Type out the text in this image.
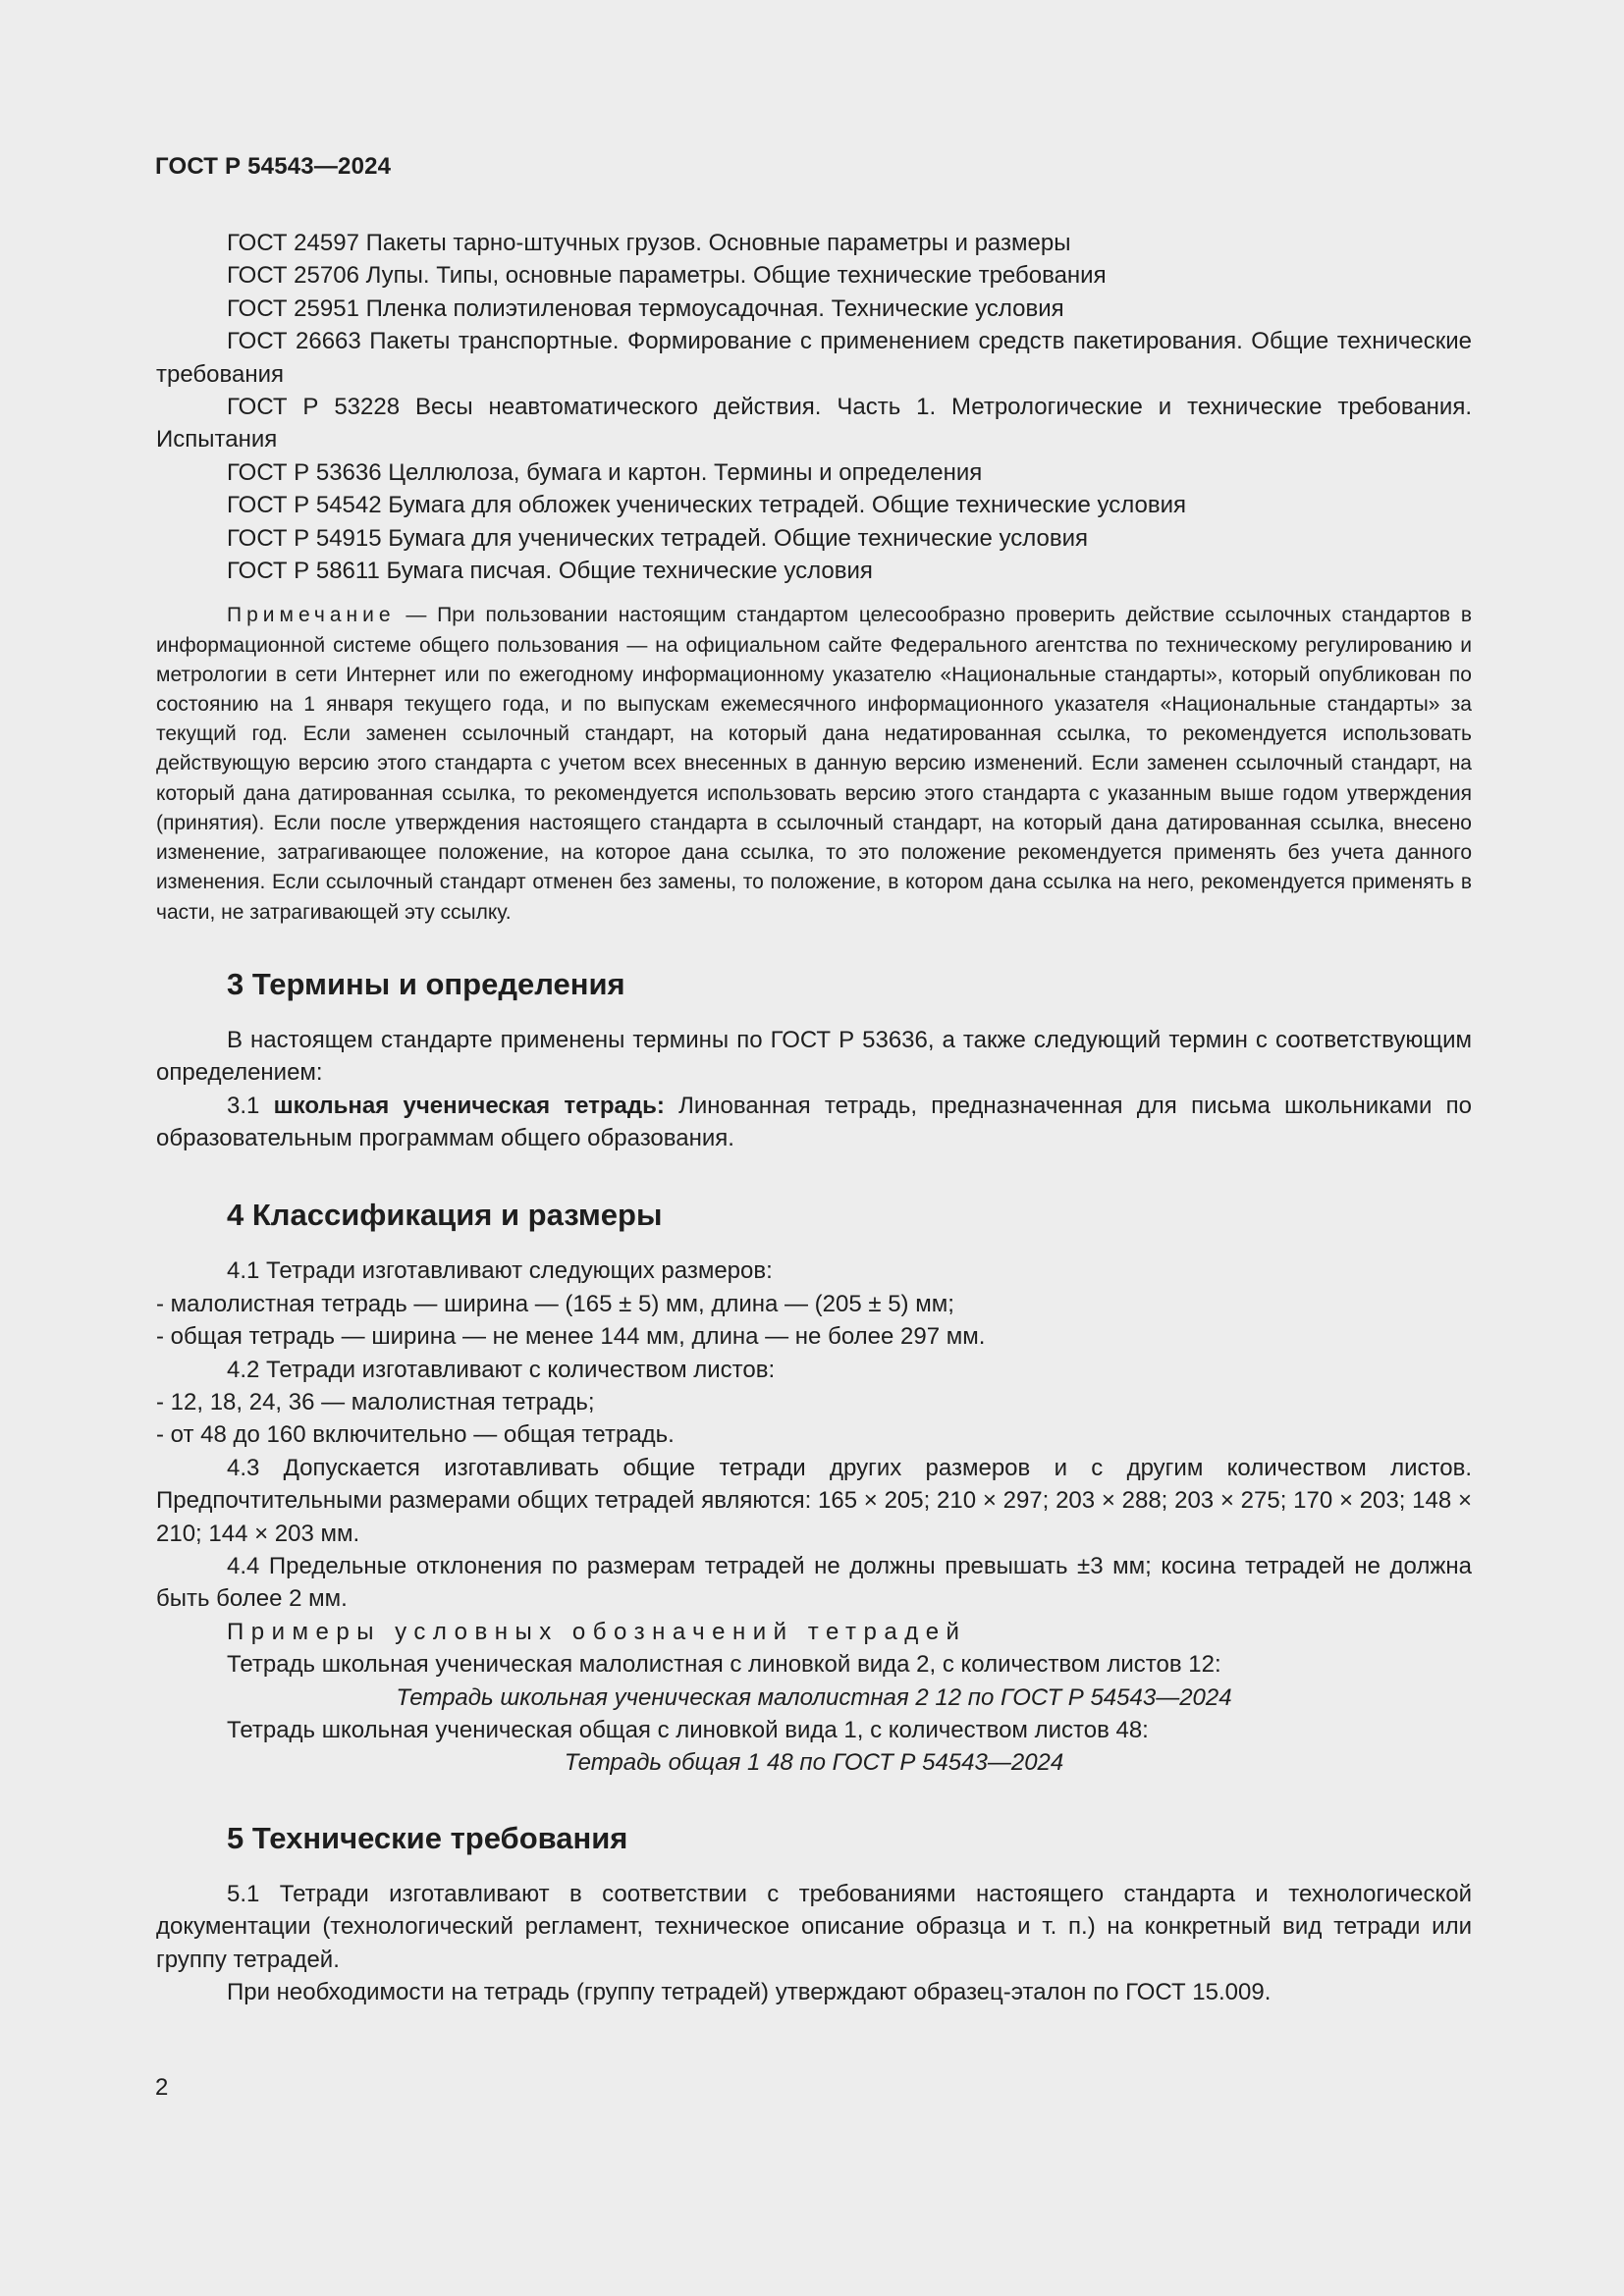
ГОСТ Р 54543—2024

ГОСТ 24597 Пакеты тарно-штучных грузов. Основные параметры и размеры

ГОСТ 25706 Лупы. Типы, основные параметры. Общие технические требования

ГОСТ 25951 Пленка полиэтиленовая термоусадочная. Технические условия

ГОСТ 26663 Пакеты транспортные. Формирование с применением средств пакетирования. Общие технические требования

ГОСТ Р 53228 Весы неавтоматического действия. Часть 1. Метрологические и технические требования. Испытания

ГОСТ Р 53636 Целлюлоза, бумага и картон. Термины и определения

ГОСТ Р 54542 Бумага для обложек ученических тетрадей. Общие технические условия

ГОСТ Р 54915 Бумага для ученических тетрадей. Общие технические условия

ГОСТ Р 58611 Бумага писчая. Общие технические условия

Примечание — При пользовании настоящим стандартом целесообразно проверить действие ссылочных стандартов в информационной системе общего пользования — на официальном сайте Федерального агентства по техническому регулированию и метрологии в сети Интернет или по ежегодному информационному указателю «Национальные стандарты», который опубликован по состоянию на 1 января текущего года, и по выпускам ежемесячного информационного указателя «Национальные стандарты» за текущий год. Если заменен ссылочный стандарт, на который дана недатированная ссылка, то рекомендуется использовать действующую версию этого стандарта с учетом всех внесенных в данную версию изменений. Если заменен ссылочный стандарт, на который дана датированная ссылка, то рекомендуется использовать версию этого стандарта с указанным выше годом утверждения (принятия). Если после утверждения настоящего стандарта в ссылочный стандарт, на который дана датированная ссылка, внесено изменение, затрагивающее положение, на которое дана ссылка, то это положение рекомендуется применять без учета данного изменения. Если ссылочный стандарт отменен без замены, то положение, в котором дана ссылка на него, рекомендуется применять в части, не затрагивающей эту ссылку.

3 Термины и определения

В настоящем стандарте применены термины по ГОСТ Р 53636, а также следующий термин с соответствующим определением:

3.1 школьная ученическая тетрадь: Линованная тетрадь, предназначенная для письма школьниками по образовательным программам общего образования.

4 Классификация и размеры

4.1 Тетради изготавливают следующих размеров:

- малолистная тетрадь — ширина — (165 ± 5) мм, длина — (205 ± 5) мм;

- общая тетрадь — ширина — не менее 144 мм, длина — не более 297 мм.

4.2 Тетради изготавливают с количеством листов:

- 12, 18, 24, 36 — малолистная тетрадь;

- от 48 до 160 включительно — общая тетрадь.

4.3 Допускается изготавливать общие тетради других размеров и с другим количеством листов. Предпочтительными размерами общих тетрадей являются: 165 × 205; 210 × 297; 203 × 288; 203 × 275; 170 × 203; 148 × 210; 144 × 203 мм.

4.4 Предельные отклонения по размерам тетрадей не должны превышать ±3 мм; косина тетрадей не должна быть более 2 мм.

Примеры условных обозначений тетрадей

Тетрадь школьная ученическая малолистная с линовкой вида 2, с количеством листов 12:

Тетрадь школьная ученическая малолистная 2 12 по ГОСТ Р 54543—2024

Тетрадь школьная ученическая общая с линовкой вида 1, с количеством листов 48:

Тетрадь общая 1 48 по ГОСТ Р 54543—2024

5 Технические требования

5.1 Тетради изготавливают в соответствии с требованиями настоящего стандарта и технологической документации (технологический регламент, техническое описание образца и т. п.) на конкретный вид тетради или группу тетрадей.

При необходимости на тетрадь (группу тетрадей) утверждают образец-эталон по ГОСТ 15.009.

2
